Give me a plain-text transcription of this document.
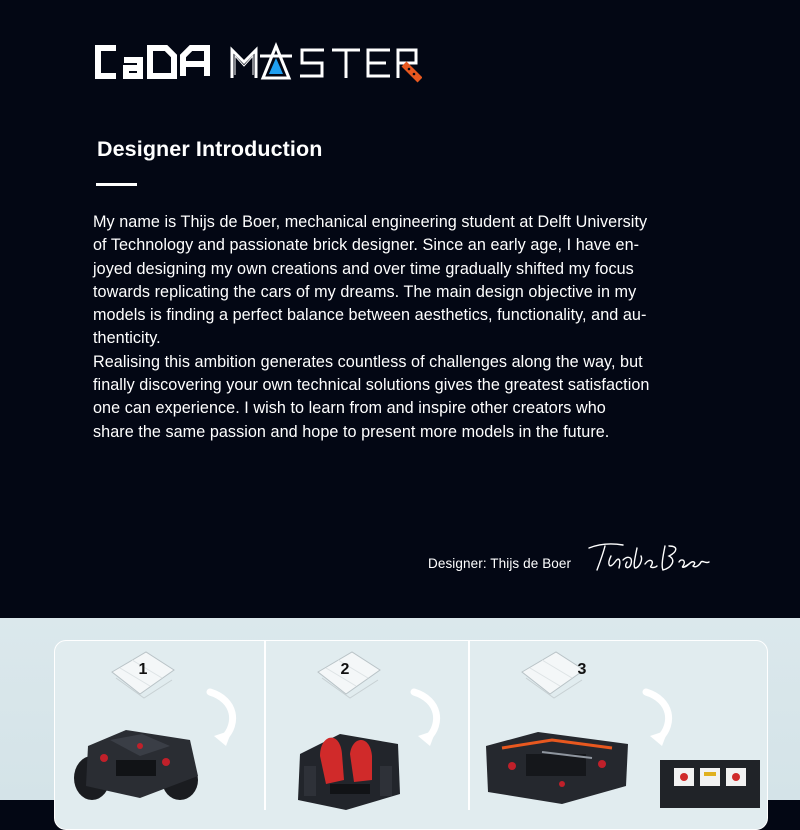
Designer Introduction

My name is Thijs de Boer, mechanical engineering student at Delft University
of Technology and passionate brick designer. Since an early age, I have en-
joyed designing my own creations and over time gradually shifted my focus
towards replicating the cars of my dreams. The main design objective in my
models is finding a perfect balance between aesthetics, functionality, and au-
thenticity.

Realising this ambition generates countless of challenges along the way, but
finally discovering your own technical solutions gives the greatest satisfaction
one can experience. I wish to learn from and inspire other creators who
share the same passion and hope to present more models in the future.

Designer: Thijs de Boer
1	2	3
